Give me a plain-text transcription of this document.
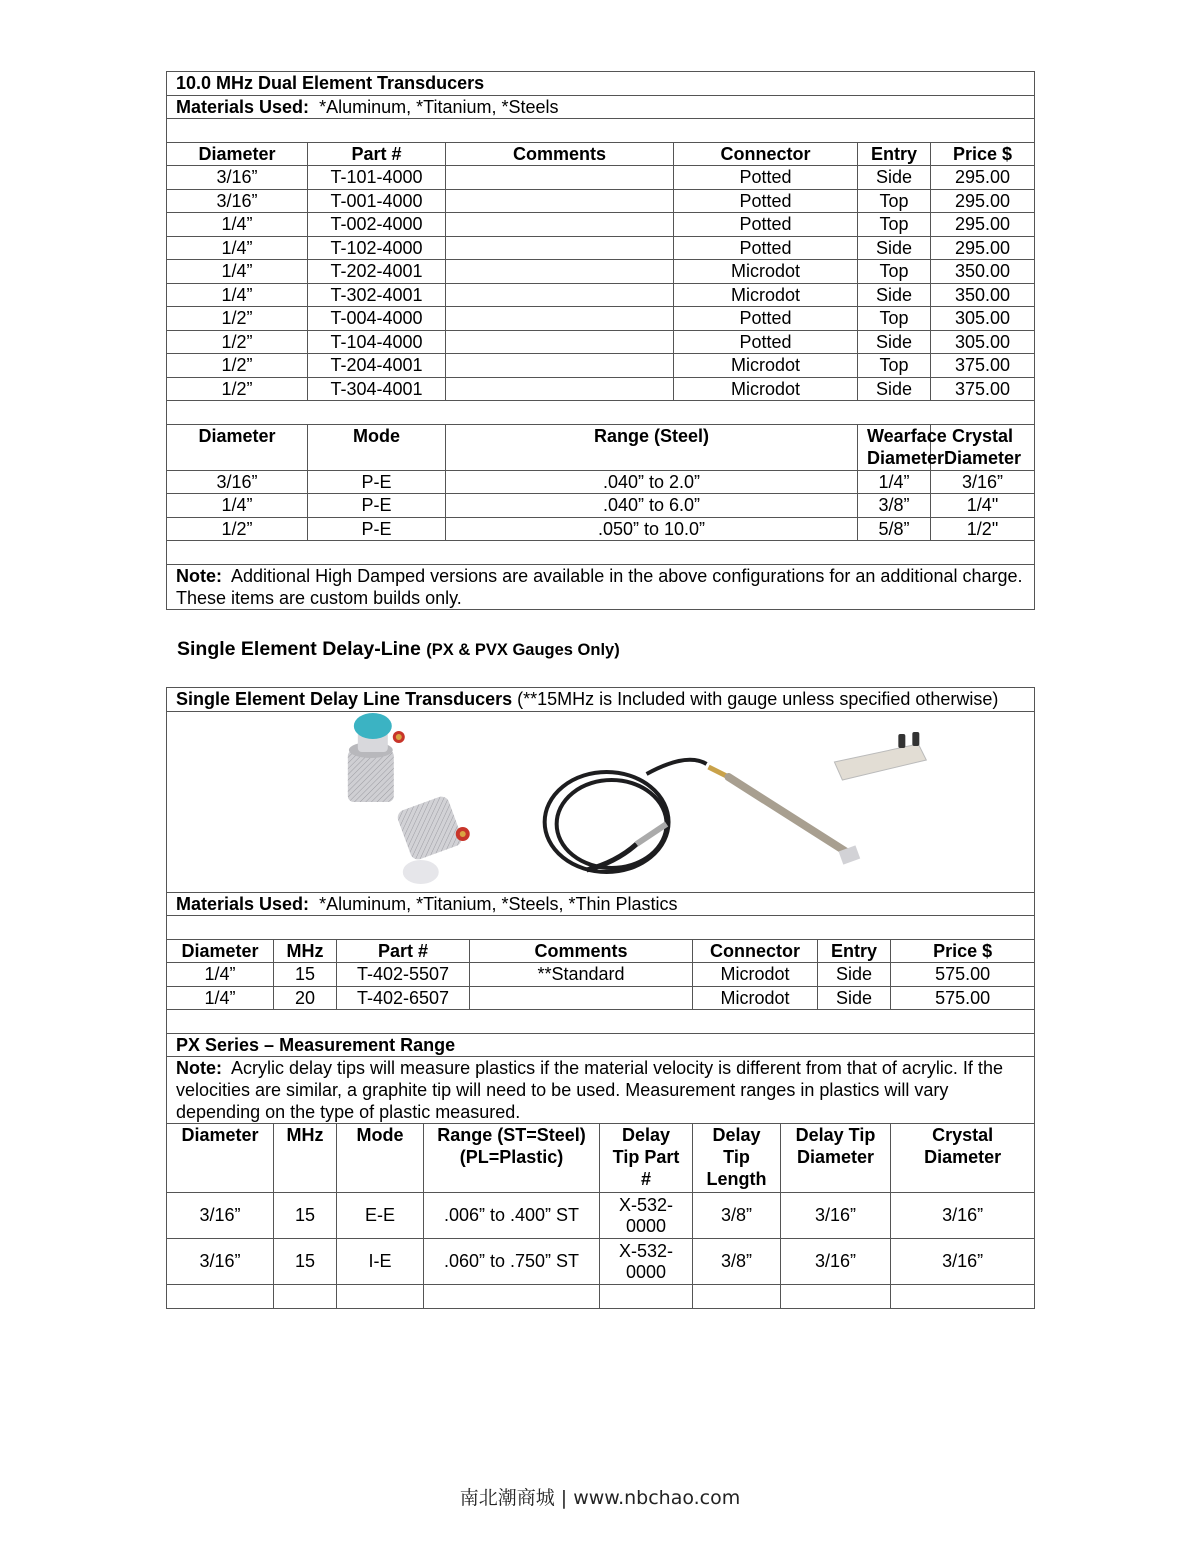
10.0 MHz Dual Element Transducers					
Materials Used: *Aluminum, *Titanium, *Steels					

Diameter	Part #	Comments	Connector	Entry	Price $
3/16”	T-101-4000		Potted	Side	295.00
3/16”	T-001-4000		Potted	Top	295.00
1/4”	T-002-4000		Potted	Top	295.00
1/4”	T-102-4000		Potted	Side	295.00
1/4”	T-202-4001		Microdot	Top	350.00
1/4”	T-302-4001		Microdot	Side	350.00
1/2”	T-004-4000		Potted	Top	305.00
1/2”	T-104-4000		Potted	Side	305.00
1/2”	T-204-4001		Microdot	Top	375.00
1/2”	T-304-4001		Microdot	Side	375.00

Diameter	Mode	Range (Steel)		Wearface Diameter	Crystal Diameter
3/16”	P-E	.040” to 2.0”		1/4”	3/16”
1/4”	P-E	.040” to 6.0”		3/8”	1/4"
1/2”	P-E	.050” to 10.0”		5/8”	1/2"

Note: Additional High Damped versions are available in the above configurations for an additional charge. These items are custom builds only.					
Single Element Delay-Line (PX & PVX Gauges Only)
Single Element Delay Line Transducers (**15MHz is Included with gauge unless specified otherwise)									

Materials Used: *Aluminum, *Titanium, *Steels, *Thin Plastics									

Diameter	MHz	Part #		Comments		Connector		Entry	Price $
1/4”	15	T-402-5507		**Standard		Microdot		Side	575.00
1/4”	20	T-402-6507				Microdot		Side	575.00

PX Series – Measurement Range									
Note: Acrylic delay tips will measure plastics if the material velocity is different from that of acrylic. If the velocities are similar, a graphite tip will need to be used. Measurement ranges in plastics will vary depending on the type of plastic measured.									
Diameter	MHz	Mode	Range (ST=Steel) (PL=Plastic)		Delay Tip Part #	Delay Tip Length	Delay Tip Diameter		Crystal Diameter
3/16”	15	E-E	.006” to .400” ST		X-532-0000	3/8”	3/16”		3/16”
3/16”	15	I-E	.060” to .750” ST		X-532-0000	3/8”	3/16”		3/16”

南北潮商城 | www.nbchao.com
